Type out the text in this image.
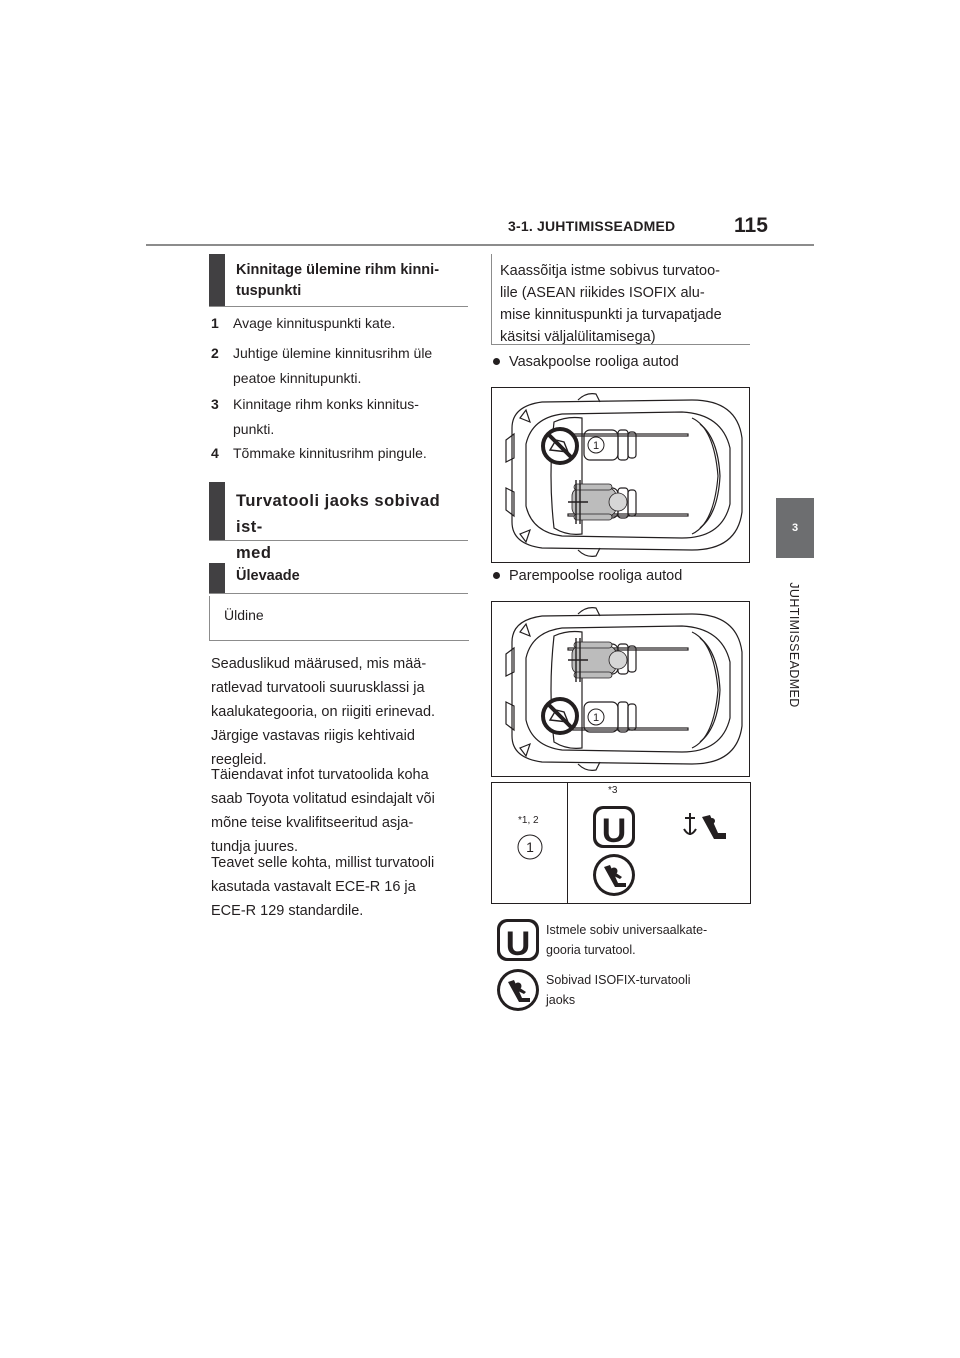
3-1. JUHTIMISSEADMED	115
3
JUHTIMISSEADMED
Kinnitage ülemine rihm kinni-
tuspunkti
1 Avage kinnituspunkti kate.
2 Juhtige ülemine kinnitusrihm üle
peatoe kinnitupunkti.
3 Kinnitage rihm konks kinnitus-
punkti.
4 Tõmmake kinnitusrihm pingule.
Turvatooli jaoks sobivad ist-
med
Ülevaade
Üldine
Seaduslikud määrused, mis mää-
ratlevad turvatooli suurusklassi ja
kaalukategooria, on riigiti erinevad.
Järgige vastavas riigis kehtivaid
reegleid.
Täiendavat infot turvatoolida koha
saab Toyota volitatud esindajalt või
mõne teise kvalifitseeritud asja-
tundja juures.
Teavet selle kohta, millist turvatooli
kasutada vastavalt ECE-R 16 ja
ECE-R 129 standardile.
Kaassõitja istme sobivus turvatoo-
lile (ASEAN riikides ISOFIX alu-
mise kinnituspunkti ja turvapatjade
käsitsi väljalülitamisega)
Vasakpoolse rooliga autod
1
Parempoolse rooliga autod
1
*1, 2
1
*3
U
U Istmele sobiv universaalkate-
gooria turvatool.
Sobivad ISOFIX-turvatooli
jaoks
